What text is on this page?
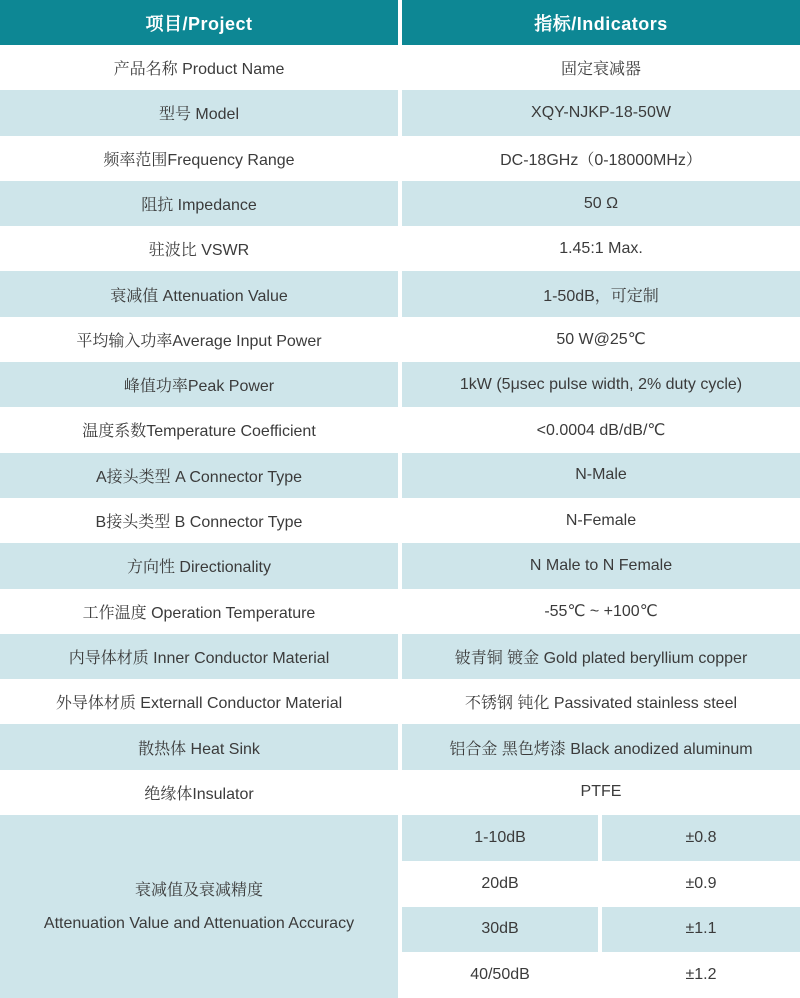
项目/Project	指标/Indicators
产品名称 Product Name	固定衰减器
型号 Model	XQY-NJKP-18-50W
频率范围Frequency Range	DC-18GHz（0-18000MHz）
阻抗 Impedance	50 Ω
驻波比 VSWR	1.45:1 Max.
衰减值 Attenuation Value	1-50dB，可定制
平均输入功率Average Input Power	50 W@25℃
峰值功率Peak Power	1kW (5μsec pulse width, 2% duty cycle)
温度系数Temperature Coefficient	<0.0004 dB/dB/℃
A接头类型 A Connector Type	N-Male
B接头类型 B Connector Type	N-Female
方向性 Directionality	N Male to N Female
工作温度 Operation Temperature	-55℃ ~ +100℃
内导体材质 Inner Conductor Material	铍青铜 镀金 Gold plated beryllium copper
外导体材质 Externall Conductor Material	不锈钢 钝化 Passivated stainless steel
散热体 Heat Sink	铝合金 黑色烤漆 Black anodized aluminum
绝缘体Insulator	PTFE
衰减值及衰减精度
Attenuation Value and Attenuation Accuracy
1-10dB	±0.8
20dB	±0.9
30dB	±1.1
40/50dB	±1.2
